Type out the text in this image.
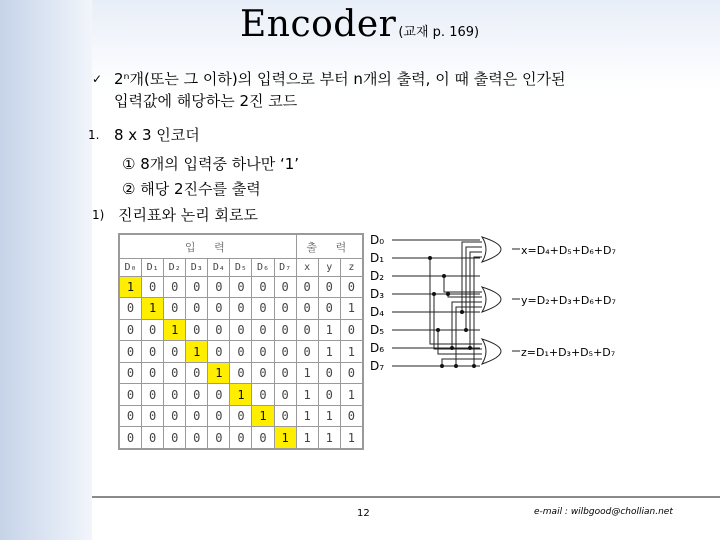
Encoder (교재 p. 169)
✓ 2ⁿ개(또는 그 이하)의 입력으로 부터 n개의 출력, 이 때 출력은 인가된
입력값에 해당하는 2진 코드
1. 8 x 3 인코더
① 8개의 입력중 하나만 ‘1’
② 해당 2진수를 출력
1) 진리표와 논리 회로도
입 력								출 력		
D₀	D₁	D₂	D₃	D₄	D₅	D₆	D₇	x	y	z
1	0	0	0	0	0	0	0	0	0	0
0	1	0	0	0	0	0	0	0	0	1
0	0	1	0	0	0	0	0	0	1	0
0	0	0	1	0	0	0	0	0	1	1
0	0	0	0	1	0	0	0	1	0	0
0	0	0	0	0	1	0	0	1	0	1
0	0	0	0	0	0	1	0	1	1	0
0	0	0	0	0	0	0	1	1	1	1
D₀
D₁
D₂
D₃
D₄
D₅
D₆
D₇
x=D₄+D₅+D₆+D₇
y=D₂+D₃+D₆+D₇
z=D₁+D₃+D₅+D₇
12	e-mail : wilbgood@chollian.net
